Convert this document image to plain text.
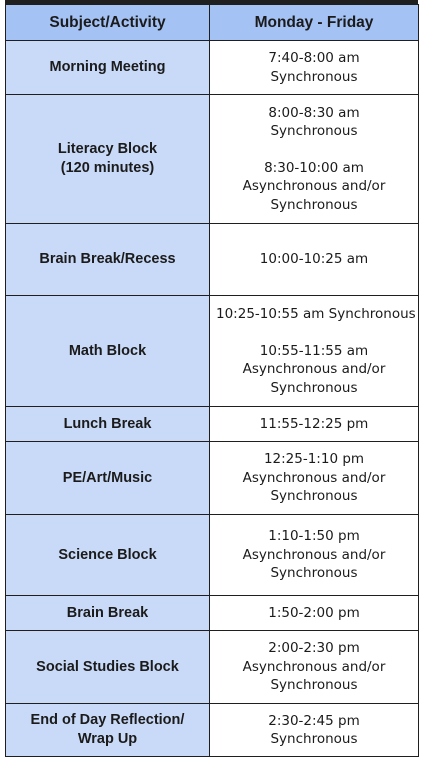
Subject/Activity	Monday - Friday

Morning Meeting	7:40-8:00 am
Synchronous

Literacy Block
(120 minutes)	8:00-8:30 am
Synchronous
8:30-10:00 am
Asynchronous and/or
Synchronous

Brain Break/Recess	10:00-10:25 am

Math Block	10:25-10:55 am Synchronous
10:55-11:55 am
Asynchronous and/or
Synchronous

Lunch Break	11:55-12:25 pm

PE/Art/Music	12:25-1:10 pm
Asynchronous and/or
Synchronous

Science Block	1:10-1:50 pm
Asynchronous and/or
Synchronous

Brain Break	1:50-2:00 pm

Social Studies Block	2:00-2:30 pm
Asynchronous and/or
Synchronous

End of Day Reflection/
Wrap Up	2:30-2:45 pm
Synchronous
